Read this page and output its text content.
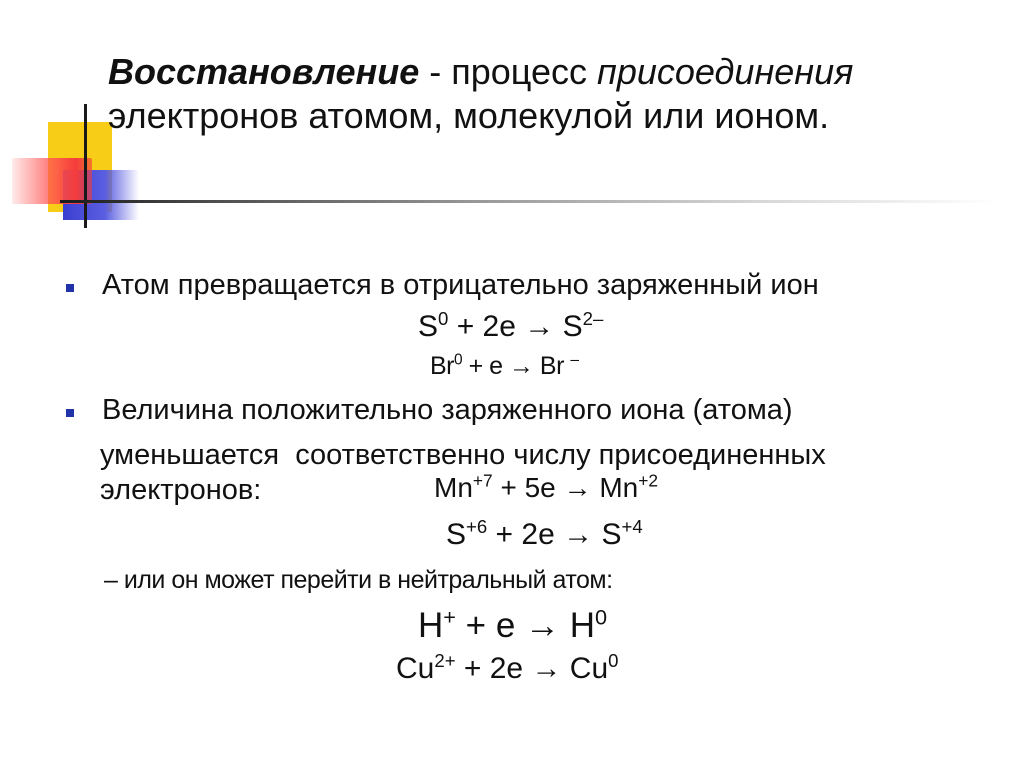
Восстановление - процесс присоединения
электронов атомом, молекулой или ионом.
Атом превращается в отрицательно заряженный ион
$S^0 + 2e \to S^{2-}$
$Br^0 + e \to Br$ –
Величина положительно заряженного иона (атома)
уменьшается  соответственно числу присоединенных
электронов:	$Mn^{+7} + 5e \to Mn^{+2}$
$S^{+6} + 2e \to S^{+4}$
– или он может перейти в нейтральный атом:
$H^+ + e \to H^0$
$Cu^{2+} + 2e \to Cu^0$
